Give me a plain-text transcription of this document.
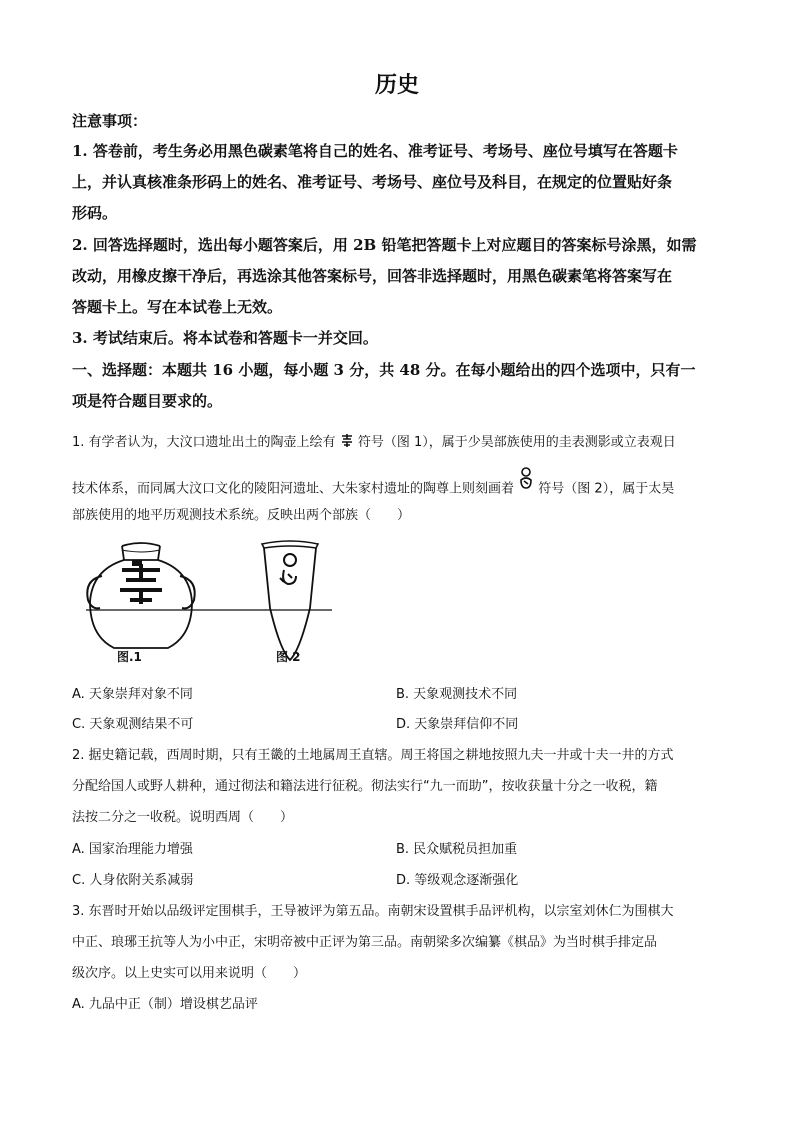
历史
注意事项：
1. 答卷前，考生务必用黑色碳素笔将自己的姓名、准考证号、考场号、座位号填写在答题卡
上，并认真核准条形码上的姓名、准考证号、考场号、座位号及科目，在规定的位置贴好条
形码。
2. 回答选择题时，选出每小题答案后，用 2B 铅笔把答题卡上对应题目的答案标号涂黑，如需
改动，用橡皮擦干净后，再选涂其他答案标号，回答非选择题时，用黑色碳素笔将答案写在
答题卡上。写在本试卷上无效。
3. 考试结束后。将本试卷和答题卡一并交回。
一、选择题：本题共 16 小题，每小题 3 分，共 48 分。在每小题给出的四个选项中，只有一
项是符合题目要求的。
1. 有学者认为，大汶口遗址出土的陶壶上绘有 符号（图 1），属于少昊部族使用的圭表测影或立表观日
技术体系，而同属大汶口文化的陵阳河遗址、大朱家村遗址的陶尊上则刻画着 符号（图 2），属于太昊
部族使用的地平历观测技术系统。反映出两个部族（　　）
图.1	图 2
A. 天象崇拜对象不同	B. 天象观测技术不同
C. 天象观测结果不可	D. 天象崇拜信仰不同
2. 据史籍记载，西周时期，只有王畿的土地属周王直辖。周王将国之耕地按照九夫一井或十夫一井的方式
分配给国人或野人耕种，通过彻法和籍法进行征税。彻法实行“九一而助”，按收获量十分之一收税，籍
法按二分之一收税。说明西周（　　）
A. 国家治理能力增强	B. 民众赋税员担加重
C. 人身依附关系减弱	D. 等级观念逐渐强化
3. 东晋时开始以品级评定围棋手，王导被评为第五品。南朝宋设置棋手品评机构，以宗室刘休仁为围棋大
中正、琅琊王抗等人为小中正，宋明帝被中正评为第三品。南朝梁多次编纂《棋品》为当时棋手排定品
级次序。以上史实可以用来说明（　　）
A. 九品中正（制）增设棋艺品评
